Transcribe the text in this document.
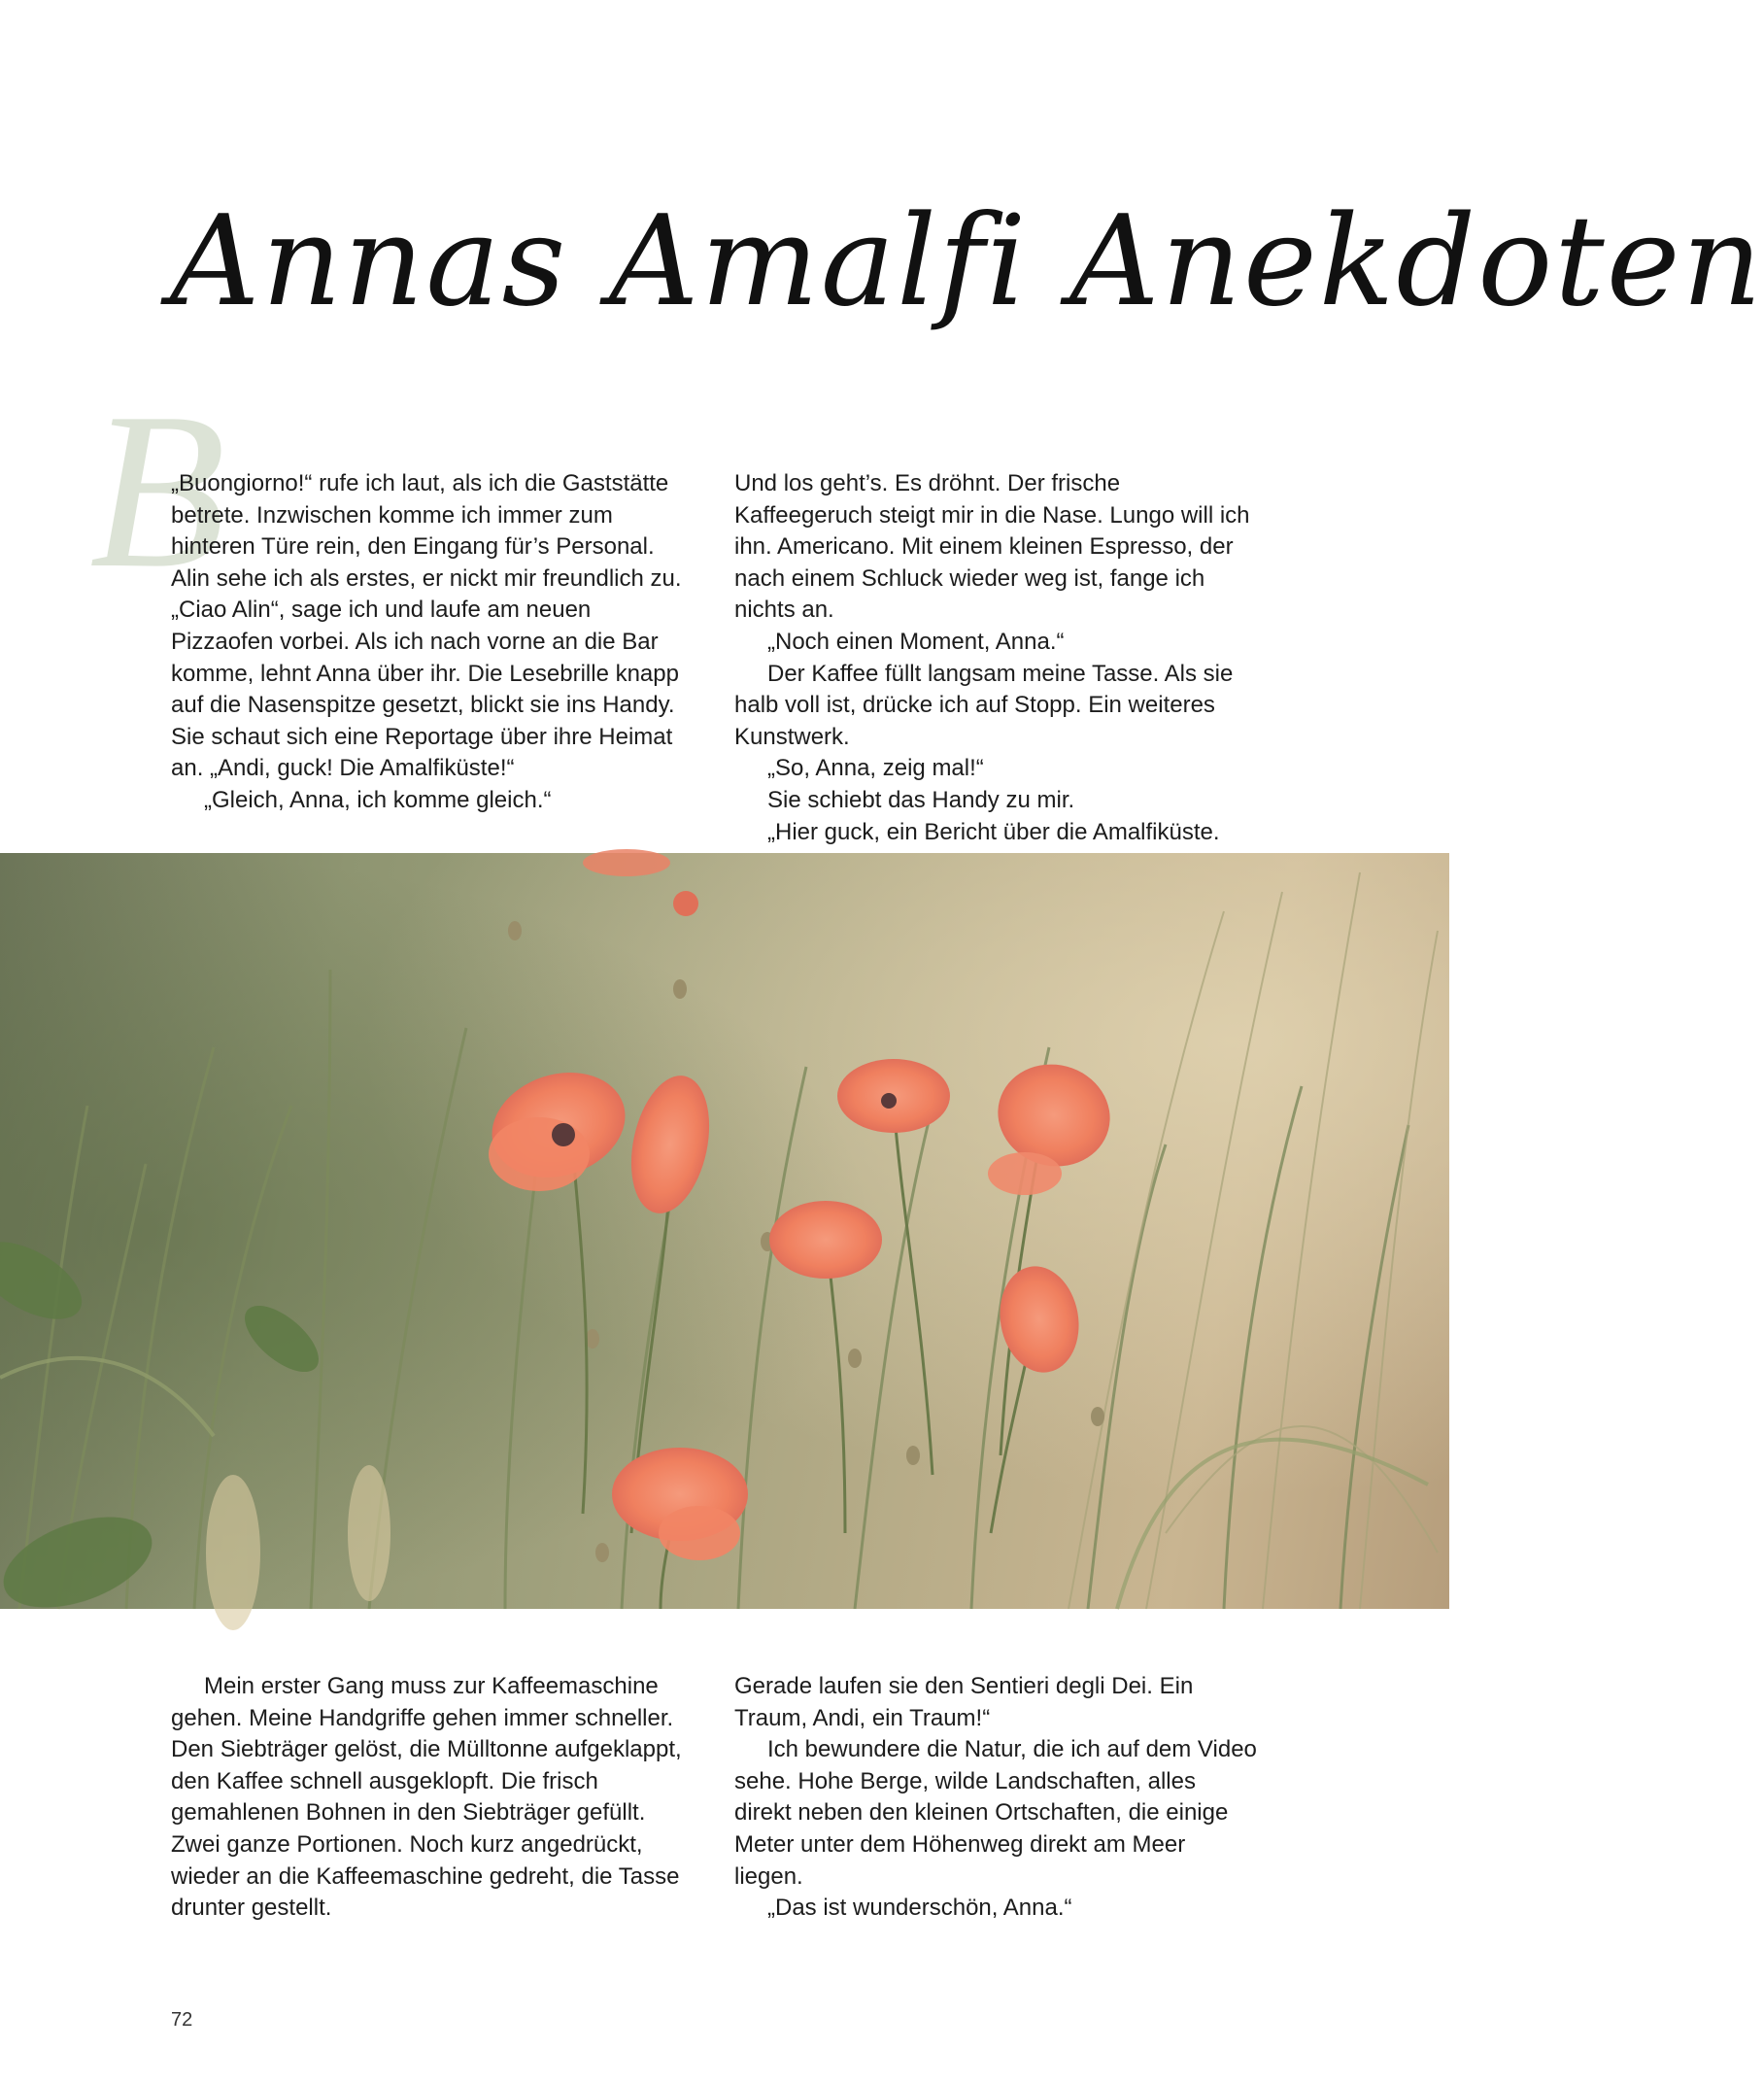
Annas Amalfi Anekdoten
B

„Buongiorno!“ rufe ich laut, als ich die Gaststätte betrete. Inzwischen komme ich immer zum hinteren Türe rein, den Eingang für’s Personal. Alin sehe ich als erstes, er nickt mir freundlich zu. „Ciao Alin“, sage ich und laufe am neuen Pizzaofen vorbei. Als ich nach vorne an die Bar komme, lehnt Anna über ihr. Die Lesebrille knapp auf die Nasenspitze gesetzt, blickt sie ins Handy. Sie schaut sich eine Reportage über ihre Heimat an. „Andi, guck! Die Amalfiküste!“

„Gleich, Anna, ich komme gleich.“

Und los geht’s. Es dröhnt. Der frische Kaffeegeruch steigt mir in die Nase. Lungo will ich ihn. Americano. Mit einem kleinen Espresso, der nach einem Schluck wieder weg ist, fange ich nichts an.

„Noch einen Moment, Anna.“

Der Kaffee füllt langsam meine Tasse. Als sie halb voll ist, drücke ich auf Stopp. Ein weiteres Kunstwerk.

„So, Anna, zeig mal!“

Sie schiebt das Handy zu mir.

„Hier guck, ein Bericht über die Amalfiküste.

Mein erster Gang muss zur Kaffeemaschine gehen. Meine Handgriffe gehen immer schneller. Den Siebträger gelöst, die Mülltonne aufgeklappt, den Kaffee schnell ausgeklopft. Die frisch gemahlenen Bohnen in den Siebträger gefüllt. Zwei ganze Portionen. Noch kurz angedrückt, wieder an die Kaffeemaschine gedreht, die Tasse drunter gestellt.

Gerade laufen sie den Sentieri degli Dei. Ein Traum, Andi, ein Traum!“

Ich bewundere die Natur, die ich auf dem Video sehe. Hohe Berge, wilde Landschaften, alles direkt neben den kleinen Ortschaften, die einige Meter unter dem Höhenweg direkt am Meer liegen.

„Das ist wunderschön, Anna.“

72
